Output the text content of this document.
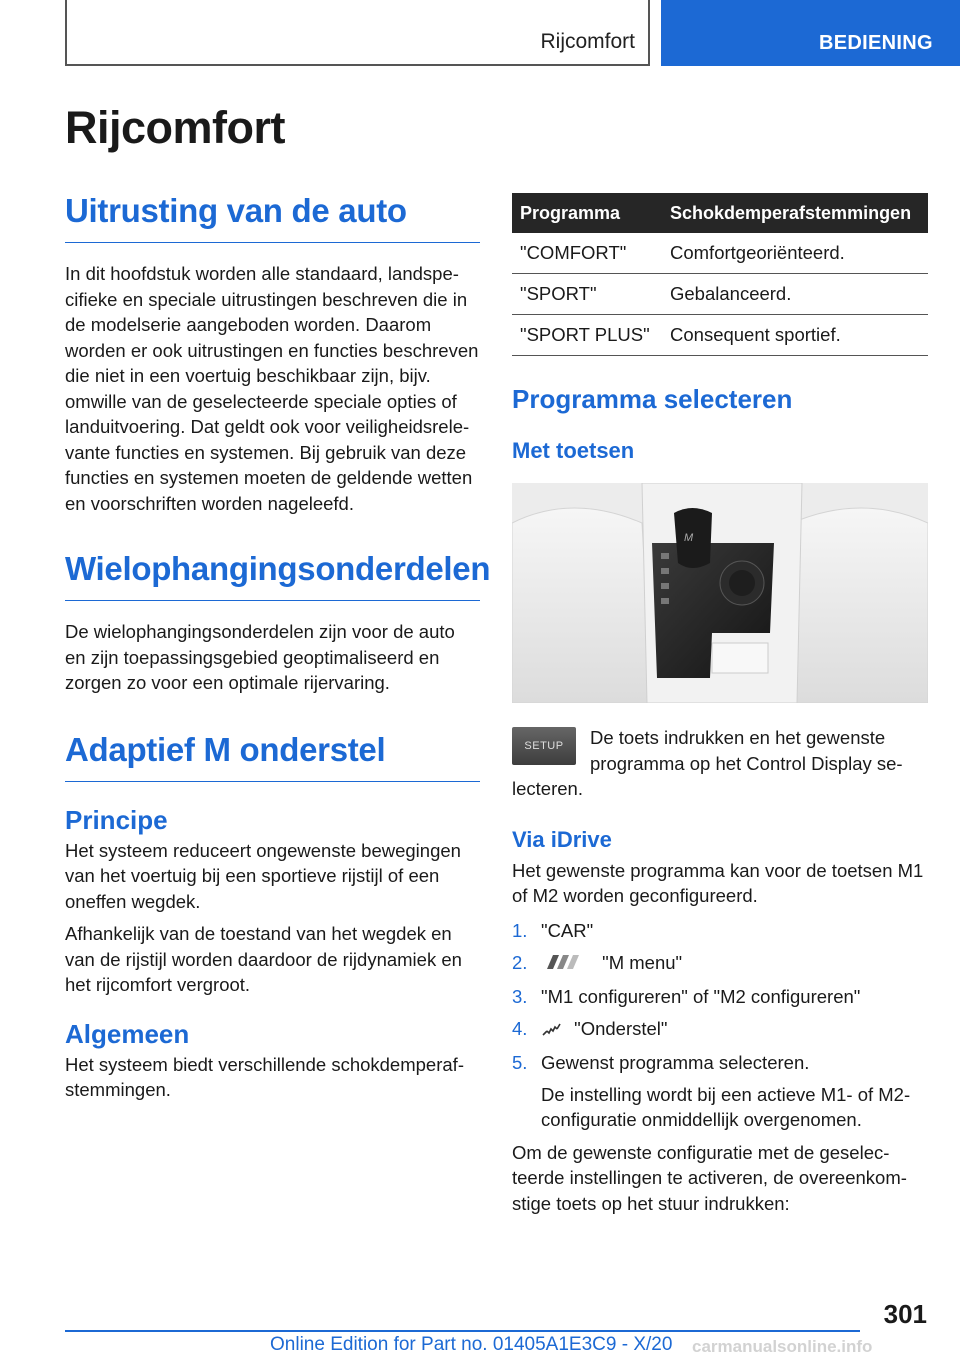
Rijcomfort	BEDIENING
Rijcomfort
Uitrusting van de auto

In dit hoofdstuk worden alle standaard, landspecifieke en speciale uitrustingen beschreven die in de modelserie aangeboden worden. Daarom worden er ook uitrustingen en functies beschreven die niet in een voertuig beschikbaar zijn, bijv. omwille van de geselecteerde speciale opties of landuitvoering. Dat geldt ook voor veiligheidsrelevante functies en systemen. Bij gebruik van deze functies en systemen moeten de geldende wetten en voorschriften worden nageleefd.

Wielophangingsonderdelen

De wielophangingsonderdelen zijn voor de auto en zijn toepassingsgebied geoptimaliseerd en zorgen zo voor een optimale rijervaring.

Adaptief M onderstel
Principe

Het systeem reduceert ongewenste bewegingen van het voertuig bij een sportieve rijstijl of een oneffen wegdek.

Afhankelijk van de toestand van het wegdek en van de rijstijl worden daardoor de rijdynamiek en het rijcomfort vergroot.

Algemeen

Het systeem biedt verschillende schokdemperafstemmingen.

Programma	Schokdemperafstemmingen
"COMFORT"	Comfortgeoriënteerd.
"SPORT"	Gebalanceerd.
"SPORT PLUS"	Consequent sportief.
Programma selecteren
Met toetsen
M
SETUP	De toets indrukken en het gewenste programma op het Control Display selecteren.

Via iDrive

Het gewenste programma kan voor de toetsen M1 of M2 worden geconfigureerd.

1. "CAR"
2.	"M menu"
3. "M1 configureren" of "M2 configureren"
4.	"Onderstel"
5. Gewenst programma selecteren.

De instelling wordt bij een actieve M1- of M2-configuratie onmiddellijk overgenomen.

Om de gewenste configuratie met de geselecteerde instellingen te activeren, de overeenkomstige toets op het stuur indrukken:

301
Online Edition for Part no. 01405A1E3C9 - X/20 carmanualsonline.info
